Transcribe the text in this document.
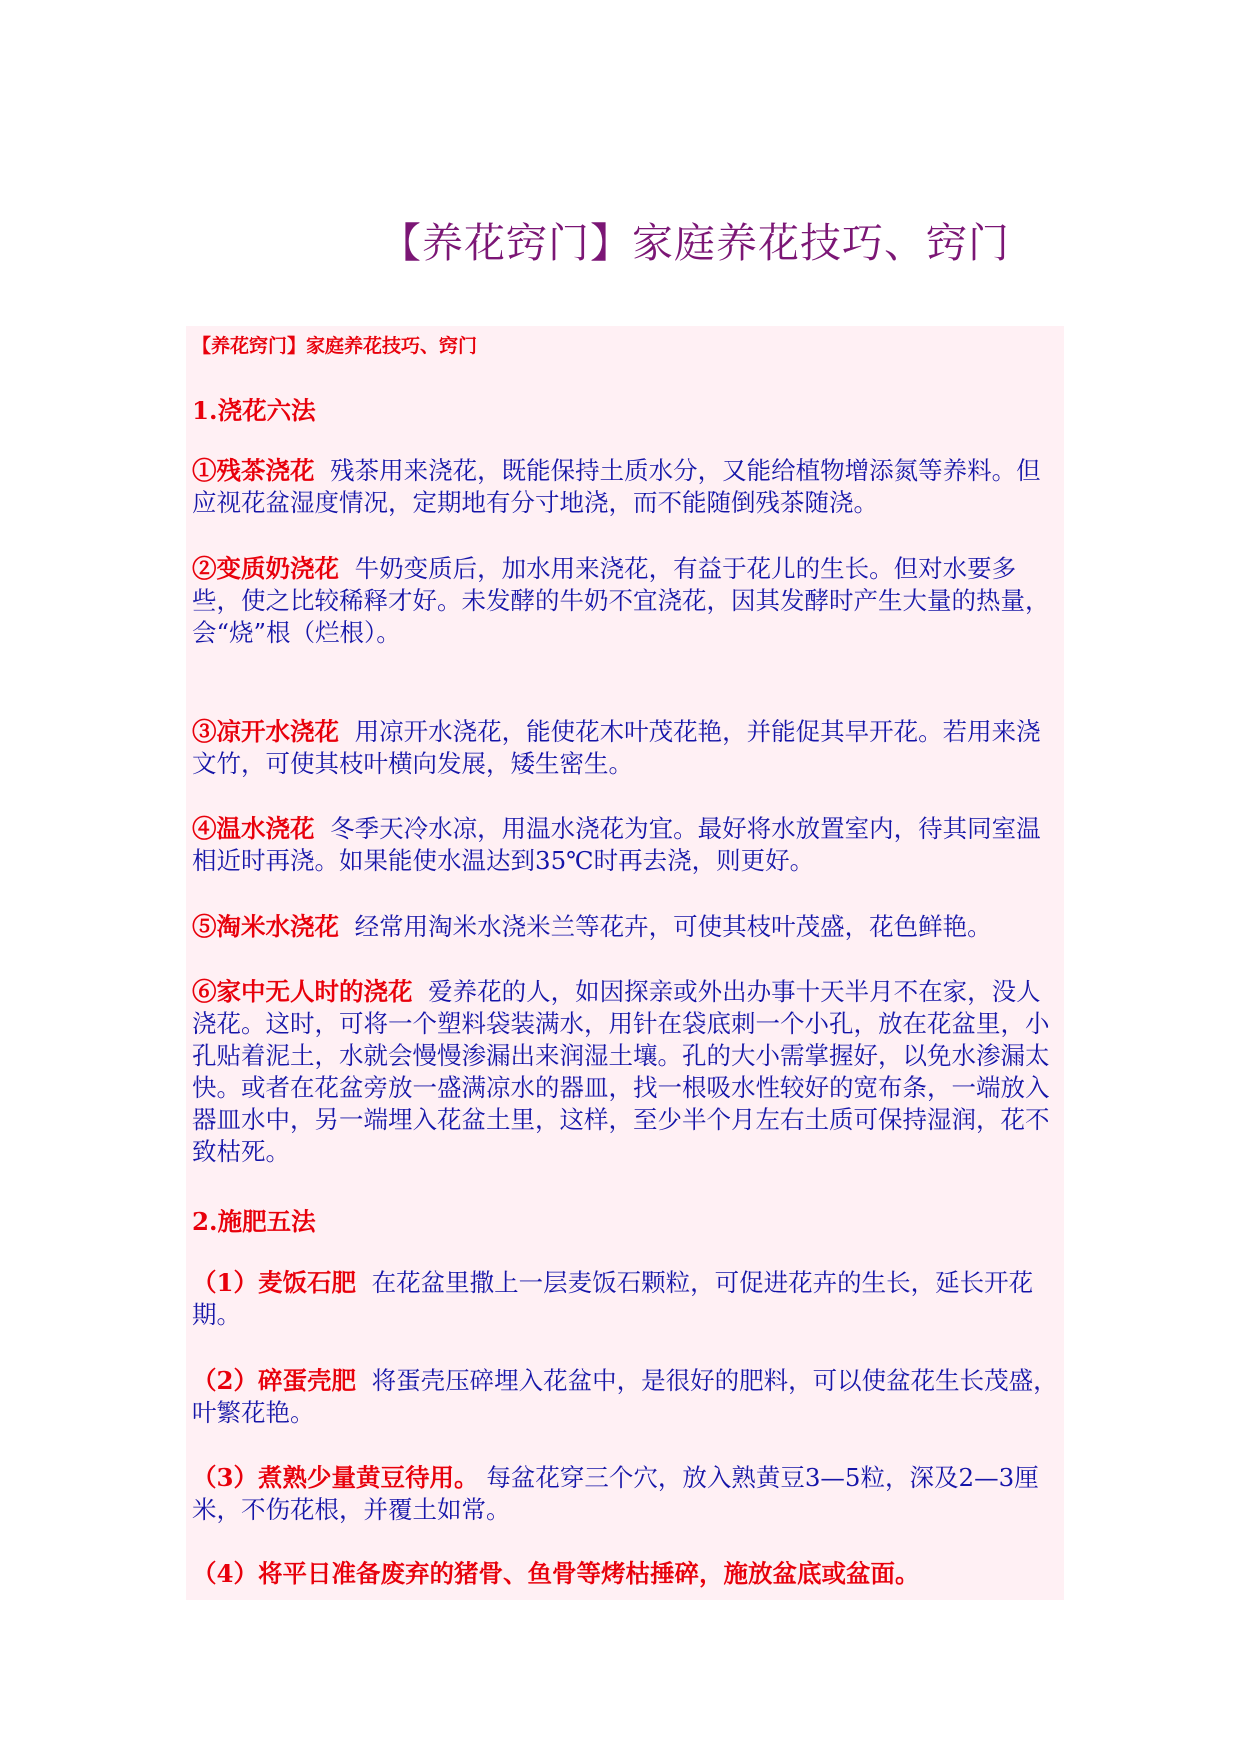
【养花窍门】家庭养花技巧、窍门
【养花窍门】家庭养花技巧、窍门
1.浇花六法

①残茶浇花 残茶用来浇花，既能保持土质水分，又能给植物增添氮等养料。但应视花盆湿度情况，定期地有分寸地浇，而不能随倒残茶随浇。

②变质奶浇花 牛奶变质后，加水用来浇花，有益于花儿的生长。但对水要多些，使之比较稀释才好。未发酵的牛奶不宜浇花，因其发酵时产生大量的热量，会“烧”根（烂根）。

③凉开水浇花 用凉开水浇花，能使花木叶茂花艳，并能促其早开花。若用来浇文竹，可使其枝叶横向发展，矮生密生。

④温水浇花 冬季天冷水凉，用温水浇花为宜。最好将水放置室内，待其同室温相近时再浇。如果能使水温达到35℃时再去浇，则更好。

⑤淘米水浇花 经常用淘米水浇米兰等花卉，可使其枝叶茂盛，花色鲜艳。

⑥家中无人时的浇花 爱养花的人，如因探亲或外出办事十天半月不在家，没人浇花。这时，可将一个塑料袋装满水，用针在袋底刺一个小孔，放在花盆里，小孔贴着泥土，水就会慢慢渗漏出来润湿土壤。孔的大小需掌握好，以免水渗漏太快。或者在花盆旁放一盛满凉水的器皿，找一根吸水性较好的宽布条，一端放入器皿水中，另一端埋入花盆土里，这样，至少半个月左右土质可保持湿润，花不致枯死。

2.施肥五法

（1）麦饭石肥 在花盆里撒上一层麦饭石颗粒，可促进花卉的生长，延长开花期。

（2）碎蛋壳肥 将蛋壳压碎埋入花盆中，是很好的肥料，可以使盆花生长茂盛，叶繁花艳。

（3）煮熟少量黄豆待用。 每盆花穿三个穴，放入熟黄豆3—5粒，深及2—3厘米，不伤花根，并覆土如常。

（4）将平日准备废弃的猪骨、鱼骨等烤枯捶碎，施放盆底或盆面。
